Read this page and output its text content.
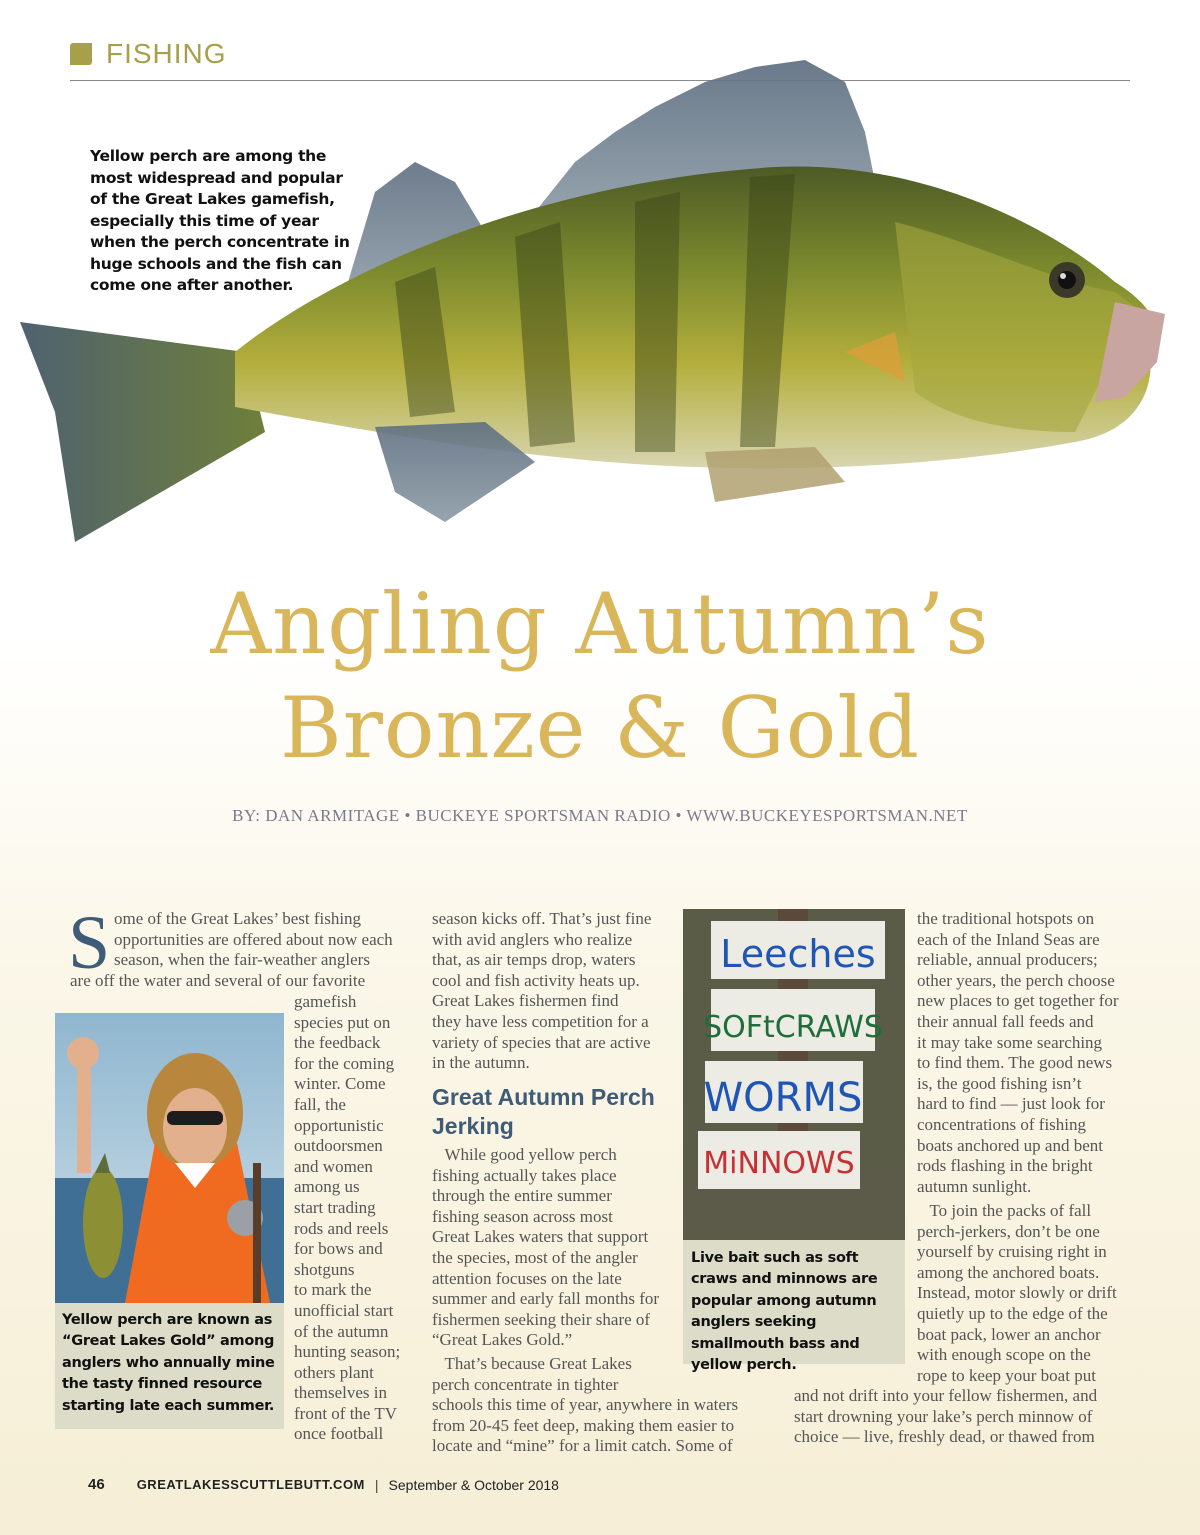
FISHING
Yellow perch are among the most widespread and popular of the Great Lakes gamefish, especially this time of year when the perch concentrate in huge schools and the fish can come one after another.
Angling Autumn’s
Bronze & Gold
BY: DAN ARMITAGE • BUCKEYE SPORTSMAN RADIO • WWW.BUCKEYESPORTSMAN.NET
S ome of the Great Lakes’ best fishing
opportunities are offered about now each
season, when the fair-weather anglers
are off the water and several of our favorite
gamefish
species put on
the feedback
for the coming
winter. Come
fall, the
opportunistic
outdoorsmen
and women
among us
start trading
rods and reels
for bows and
shotguns
to mark the
unofficial start
of the autumn
hunting season;
others plant
themselves in
front of the TV
once football
Yellow perch are known as “Great Lakes Gold” among anglers who annually mine the tasty finned resource starting late each summer.
season kicks off. That’s just fine
with avid anglers who realize
that, as air temps drop, waters
cool and fish activity heats up.
Great Lakes fishermen find
they have less competition for a
variety of species that are active
in the autumn.
Great Autumn Perch Jerking
While good yellow perch
fishing actually takes place
through the entire summer
fishing season across most
Great Lakes waters that support
the species, most of the angler
attention focuses on the late
summer and early fall months for
fishermen seeking their share of
“Great Lakes Gold.”
That’s because Great Lakes
perch concentrate in tighter
schools this time of year, anywhere in waters
from 20-45 feet deep, making them easier to
locate and “mine” for a limit catch. Some of
Leeches
SOFtCRAWS
WORMS
MiNNOWS
Live bait such as soft craws and minnows are popular among autumn anglers seeking smallmouth bass and yellow perch.
the traditional hotspots on
each of the Inland Seas are
reliable, annual producers;
other years, the perch choose
new places to get together for
their annual fall feeds and
it may take some searching
to find them. The good news
is, the good fishing isn’t
hard to find — just look for
concentrations of fishing
boats anchored up and bent
rods flashing in the bright
autumn sunlight.
To join the packs of fall
perch-jerkers, don’t be one
yourself by cruising right in
among the anchored boats.
Instead, motor slowly or drift
quietly up to the edge of the
boat pack, lower an anchor
with enough scope on the
rope to keep your boat put
and not drift into your fellow fishermen, and
start drowning your lake’s perch minnow of
choice — live, freshly dead, or thawed from
46 GREATLAKESSCUTTLEBUTT.COM | September & October 2018
